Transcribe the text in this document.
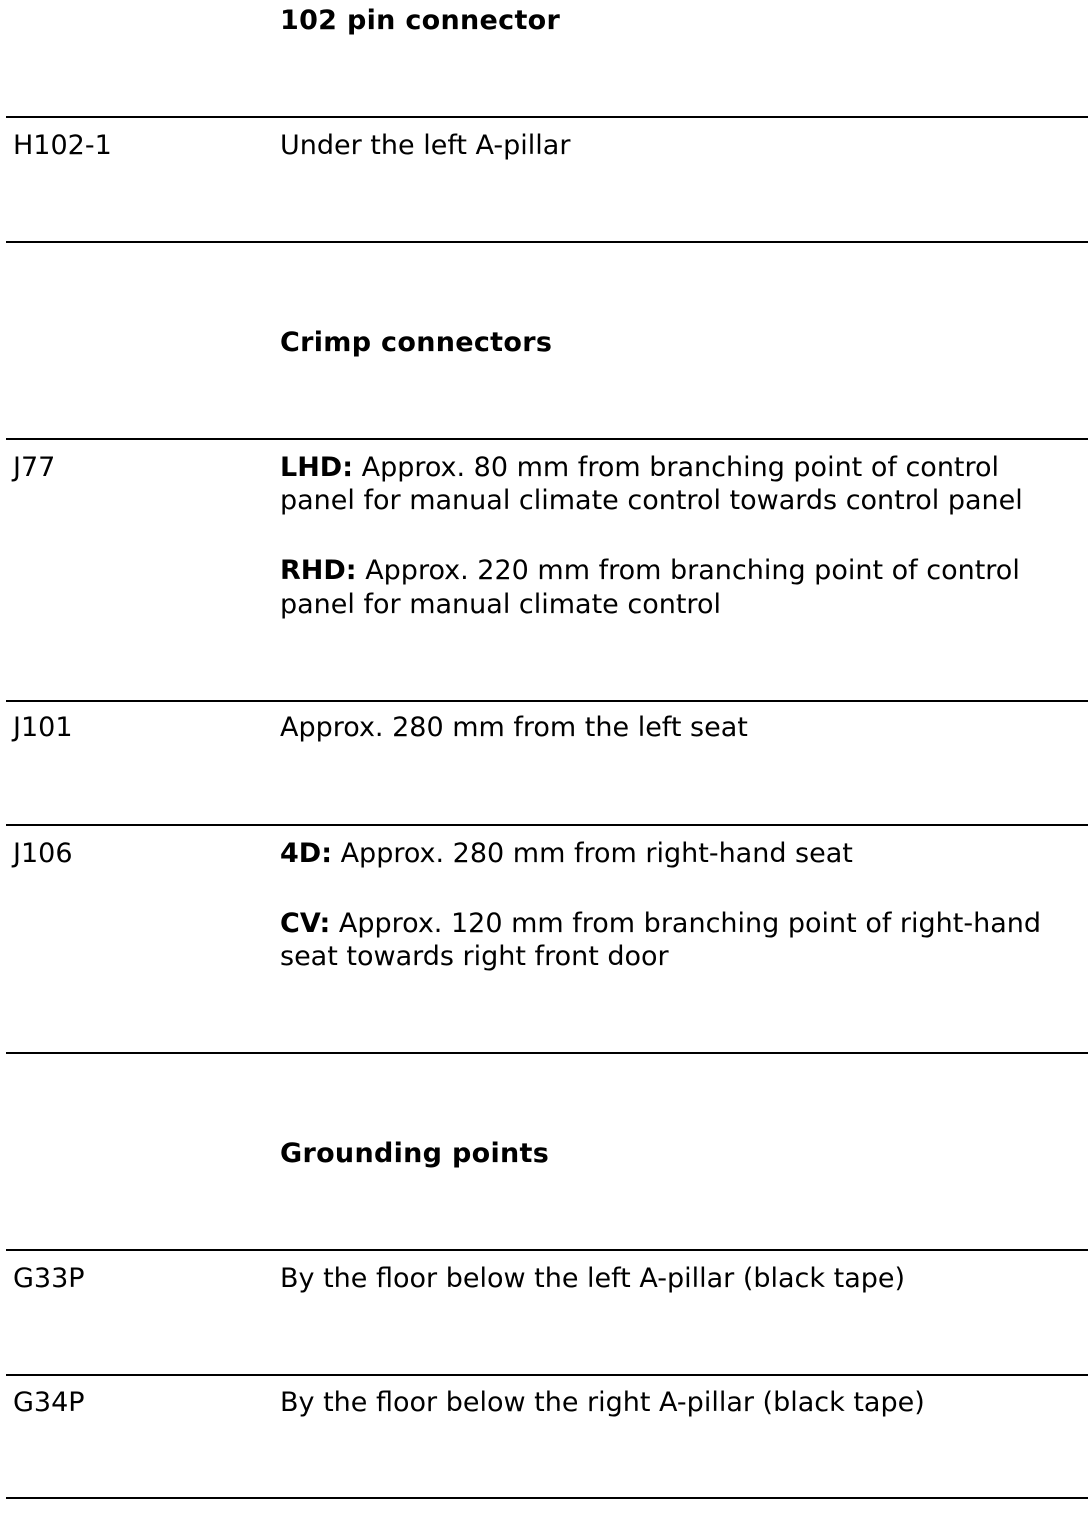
102 pin connector
H102-1	Under the left A-pillar
Crimp connectors
J77	LHD: Approx. 80 mm from branching point of control
panel for manual climate control towards control panel
RHD: Approx. 220 mm from branching point of control
panel for manual climate control
J101	Approx. 280 mm from the left seat
J106	4D: Approx. 280 mm from right-hand seat
CV: Approx. 120 mm from branching point of right-hand
seat towards right front door
Grounding points
G33P	By the floor below the left A-pillar (black tape)
G34P	By the floor below the right A-pillar (black tape)
